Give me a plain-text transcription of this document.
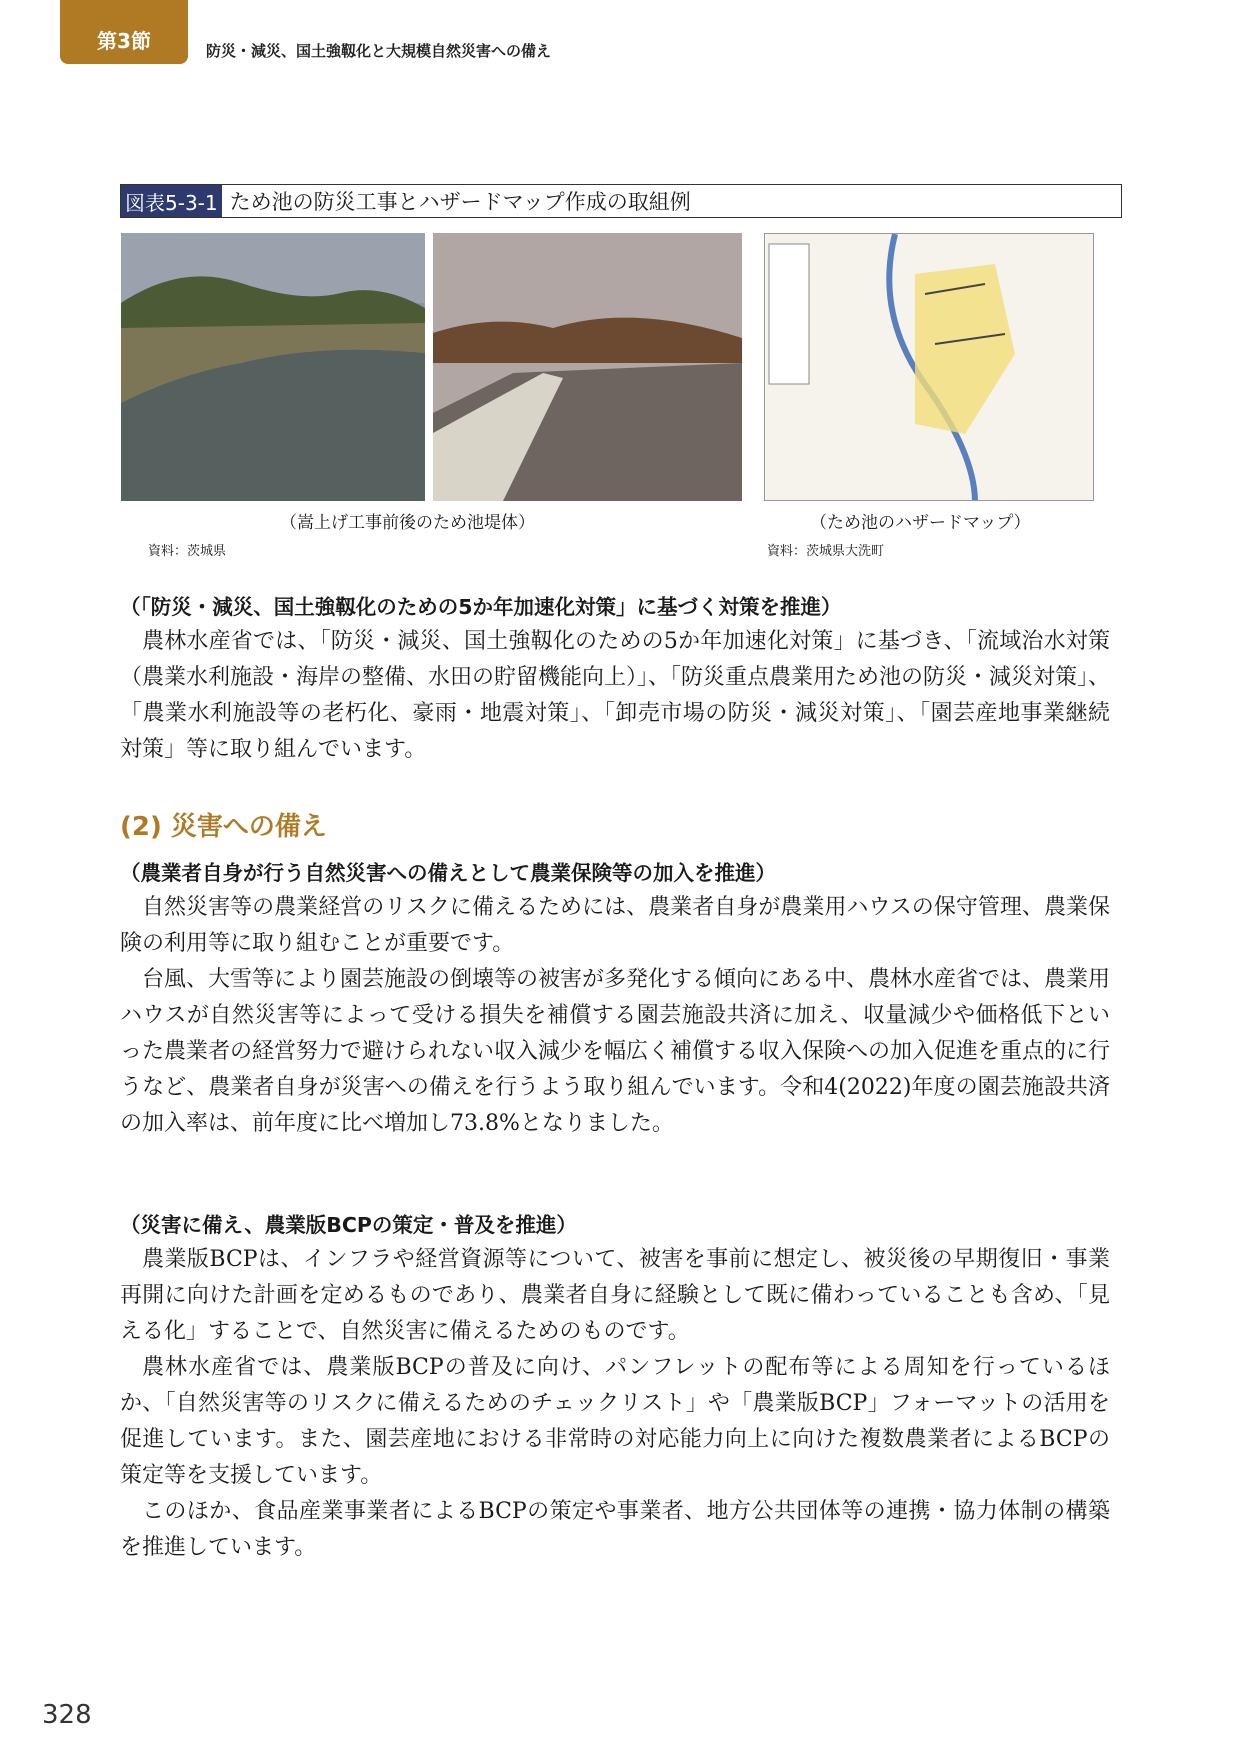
第3節	防災・減災、国土強靱化と大規模自然災害への備え
図表5-3-1 ため池の防災工事とハザードマップ作成の取組例
（嵩上げ工事前後のため池堤体）
資料：茨城県
（ため池のハザードマップ）
資料：茨城県大洗町
（「防災・減災、国土強靱化のための5か年加速化対策」に基づく対策を推進）

農林水産省では、「防災・減災、国土強靱化のための5か年加速化対策」に基づき、「流域治水対策（農業水利施設・海岸の整備、水田の貯留機能向上）」、「防災重点農業用ため池の防災・減災対策」、「農業水利施設等の老朽化、豪雨・地震対策」、「卸売市場の防災・減災対策」、「園芸産地事業継続対策」等に取り組んでいます。

(2) 災害への備え
（農業者自身が行う自然災害への備えとして農業保険等の加入を推進）

自然災害等の農業経営のリスクに備えるためには、農業者自身が農業用ハウスの保守管理、農業保険の利用等に取り組むことが重要です。

台風、大雪等により園芸施設の倒壊等の被害が多発化する傾向にある中、農林水産省では、農業用ハウスが自然災害等によって受ける損失を補償する園芸施設共済に加え、収量減少や価格低下といった農業者の経営努力で避けられない収入減少を幅広く補償する収入保険への加入促進を重点的に行うなど、農業者自身が災害への備えを行うよう取り組んでいます。令和4(2022)年度の園芸施設共済の加入率は、前年度に比べ増加し73.8%となりました。

（災害に備え、農業版BCPの策定・普及を推進）

農業版BCPは、インフラや経営資源等について、被害を事前に想定し、被災後の早期復旧・事業再開に向けた計画を定めるものであり、農業者自身に経験として既に備わっていることも含め、「見える化」することで、自然災害に備えるためのものです。

農林水産省では、農業版BCPの普及に向け、パンフレットの配布等による周知を行っているほか、「自然災害等のリスクに備えるためのチェックリスト」や「農業版BCP」フォーマットの活用を促進しています。また、園芸産地における非常時の対応能力向上に向けた複数農業者によるBCPの策定等を支援しています。

このほか、食品産業事業者によるBCPの策定や事業者、地方公共団体等の連携・協力体制の構築を推進しています。

328
